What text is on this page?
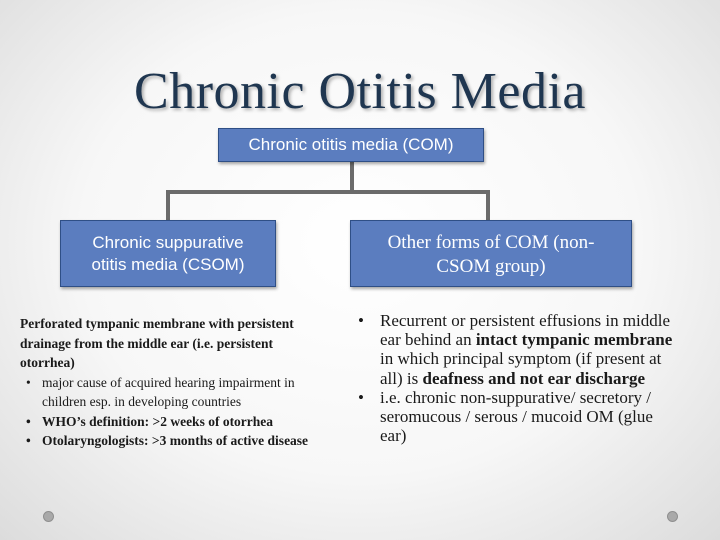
Chronic Otitis Media
Chronic otitis media (COM)
Chronic suppurative
otitis media (CSOM)
Other forms of COM (non-
CSOM group)
Perforated tympanic membrane with persistent drainage from the middle ear (i.e. persistent otorrhea)
• major cause of acquired hearing impairment in children esp. in developing countries
• WHO’s definition: >2 weeks of otorrhea
• Otolaryngologists: >3 months of active disease
• Recurrent or persistent effusions in middle ear behind an intact tympanic membrane in which principal symptom (if present at all) is deafness and not ear discharge
• i.e. chronic non-suppurative/ secretory / seromucous / serous / mucoid OM (glue ear)
